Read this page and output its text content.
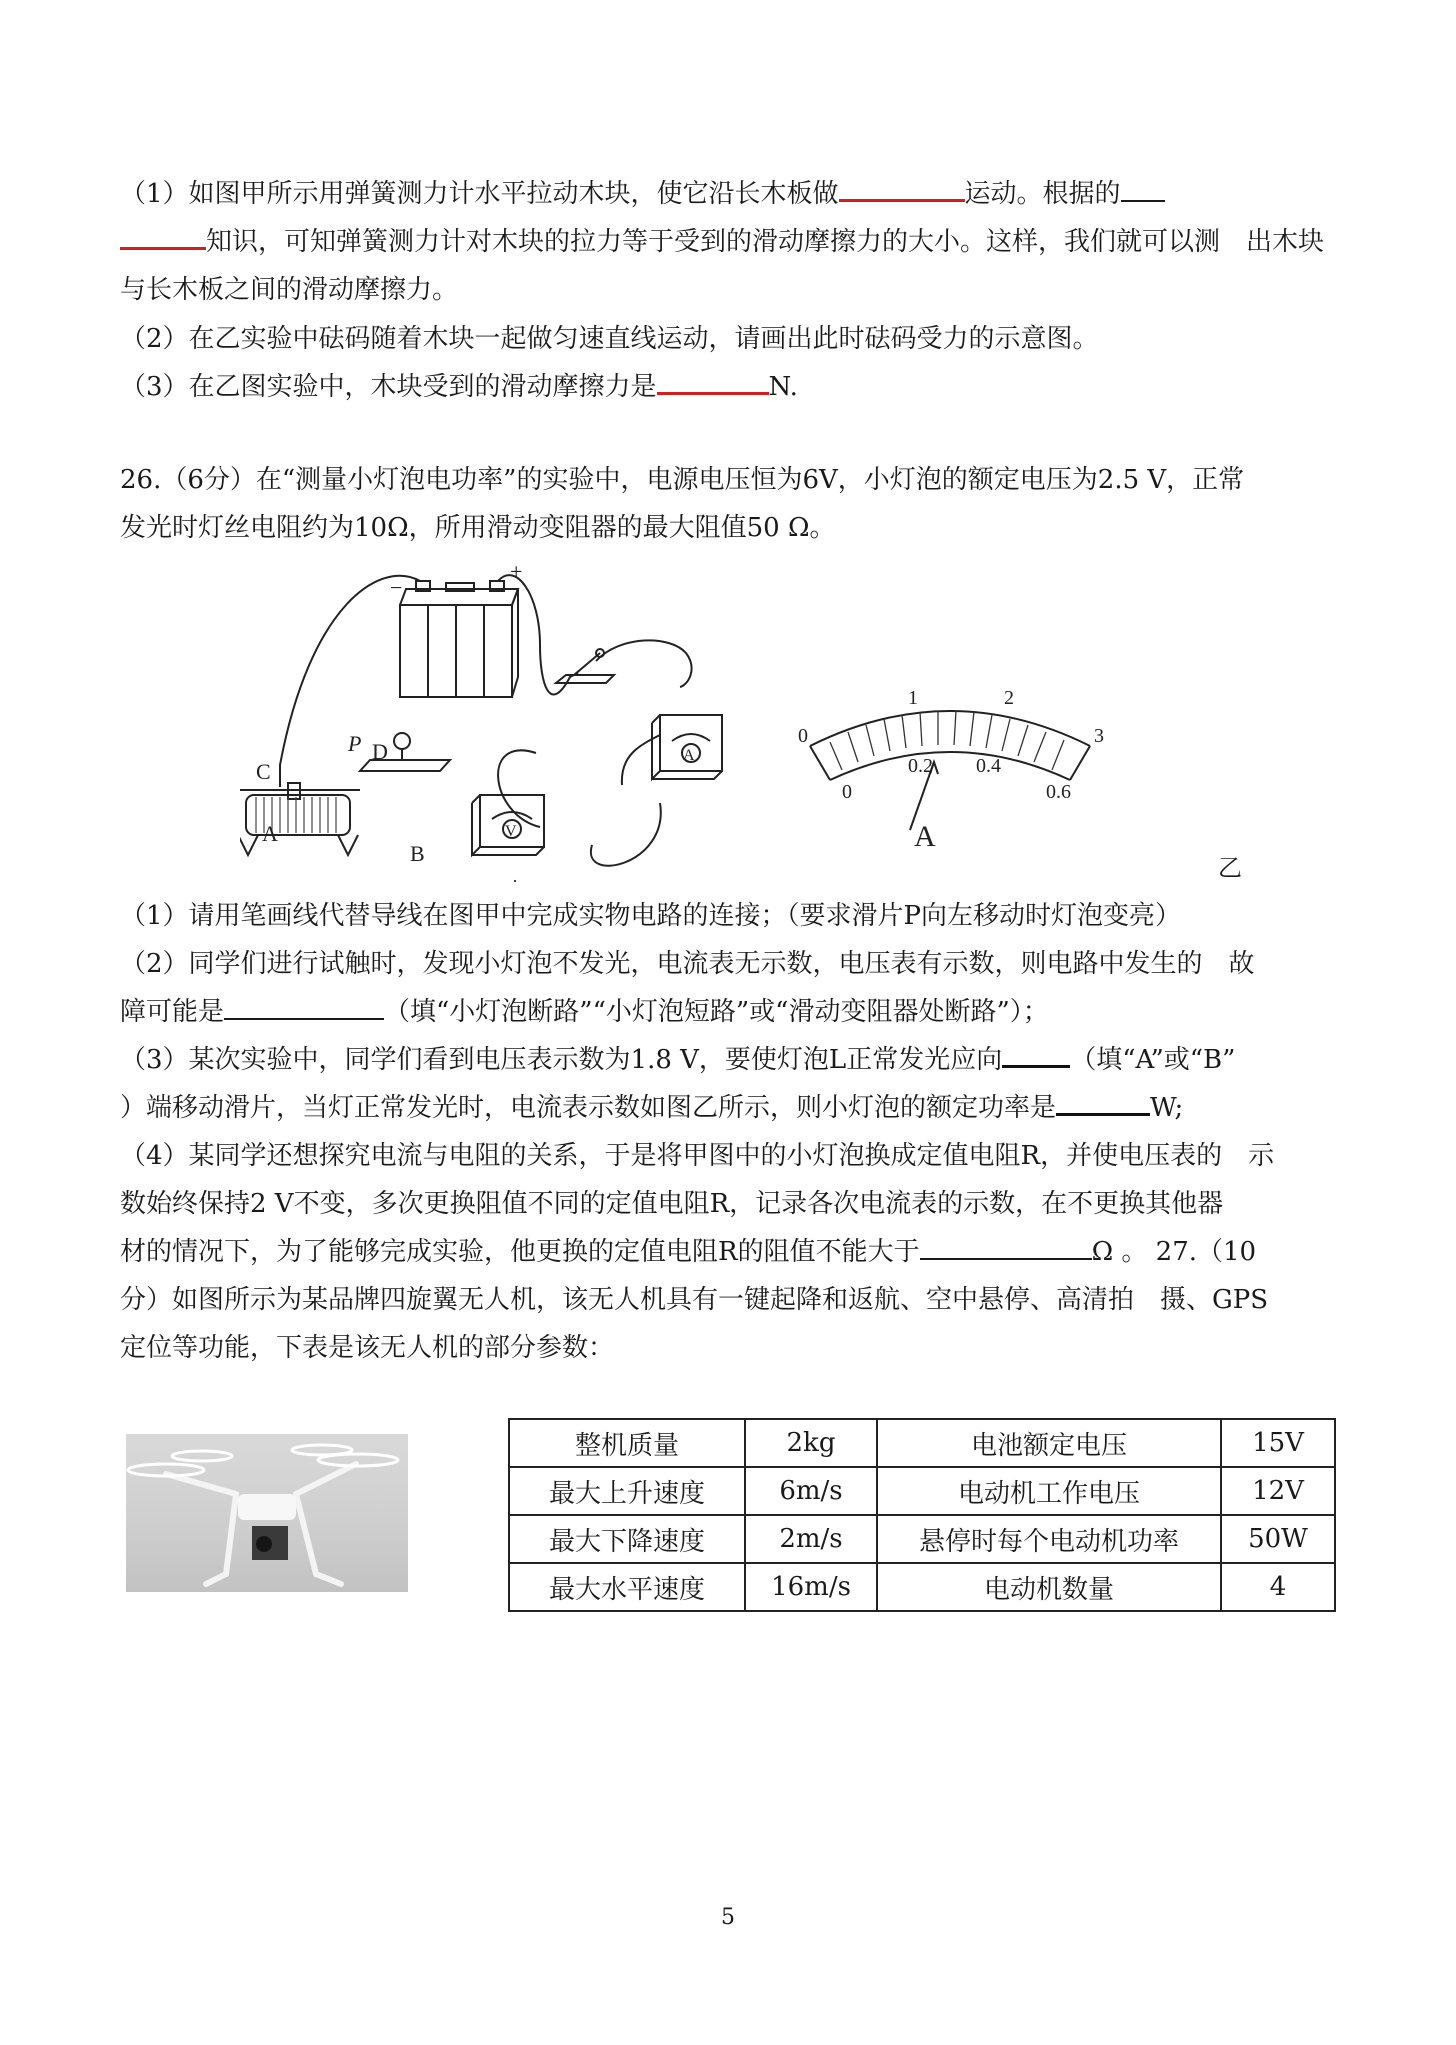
（1）如图甲所示用弹簧测力计水平拉动木块，使它沿长木板做	运动。根据的
知识，可知弹簧测力计对木块的拉力等于受到的滑动摩擦力的大小。这样，我们就可以测　出木块
与长木板之间的滑动摩擦力。
（2）在乙实验中砝码随着木块一起做匀速直线运动，请画出此时砝码受力的示意图。
（3）在乙图实验中，木块受到的滑动摩擦力是	N.
26.（6分）在“测量小灯泡电功率”的实验中，电源电压恒为6V，小灯泡的额定电压为2.5 V，正常
发光时灯丝电阻约为10Ω，所用滑动变阻器的最大阻值50 Ω。
+
−
C
P D
A
B
A
V
·
0
1	2
3
0
0.2 0.4
0.6
A
乙
（1）请用笔画线代替导线在图甲中完成实物电路的连接；（要求滑片P向左移动时灯泡变亮）
（2）同学们进行试触时，发现小灯泡不发光，电流表无示数，电压表有示数，则电路中发生的　故
障可能是	（填“小灯泡断路”“小灯泡短路”或“滑动变阻器处断路”）；
（3）某次实验中，同学们看到电压表示数为1.8 V，要使灯泡L正常发光应向	（填“A”或“B”
）端移动滑片，当灯正常发光时，电流表示数如图乙所示，则小灯泡的额定功率是	W;
（4）某同学还想探究电流与电阻的关系，于是将甲图中的小灯泡换成定值电阻R，并使电压表的　示
数始终保持2 V不变，多次更换阻值不同的定值电阻R，记录各次电流表的示数，在不更换其他器
材的情况下，为了能够完成实验，他更换的定值电阻R的阻值不能大于	Ω 。 27.（10
分）如图所示为某品牌四旋翼无人机，该无人机具有一键起降和返航、空中悬停、高清拍　摄、GPS
定位等功能，下表是该无人机的部分参数：
整机质量	2kg	电池额定电压	15V
最大上升速度	6m/s	电动机工作电压	12V
最大下降速度	2m/s	悬停时每个电动机功率	50W
最大水平速度	16m/s	电动机数量	4
5
